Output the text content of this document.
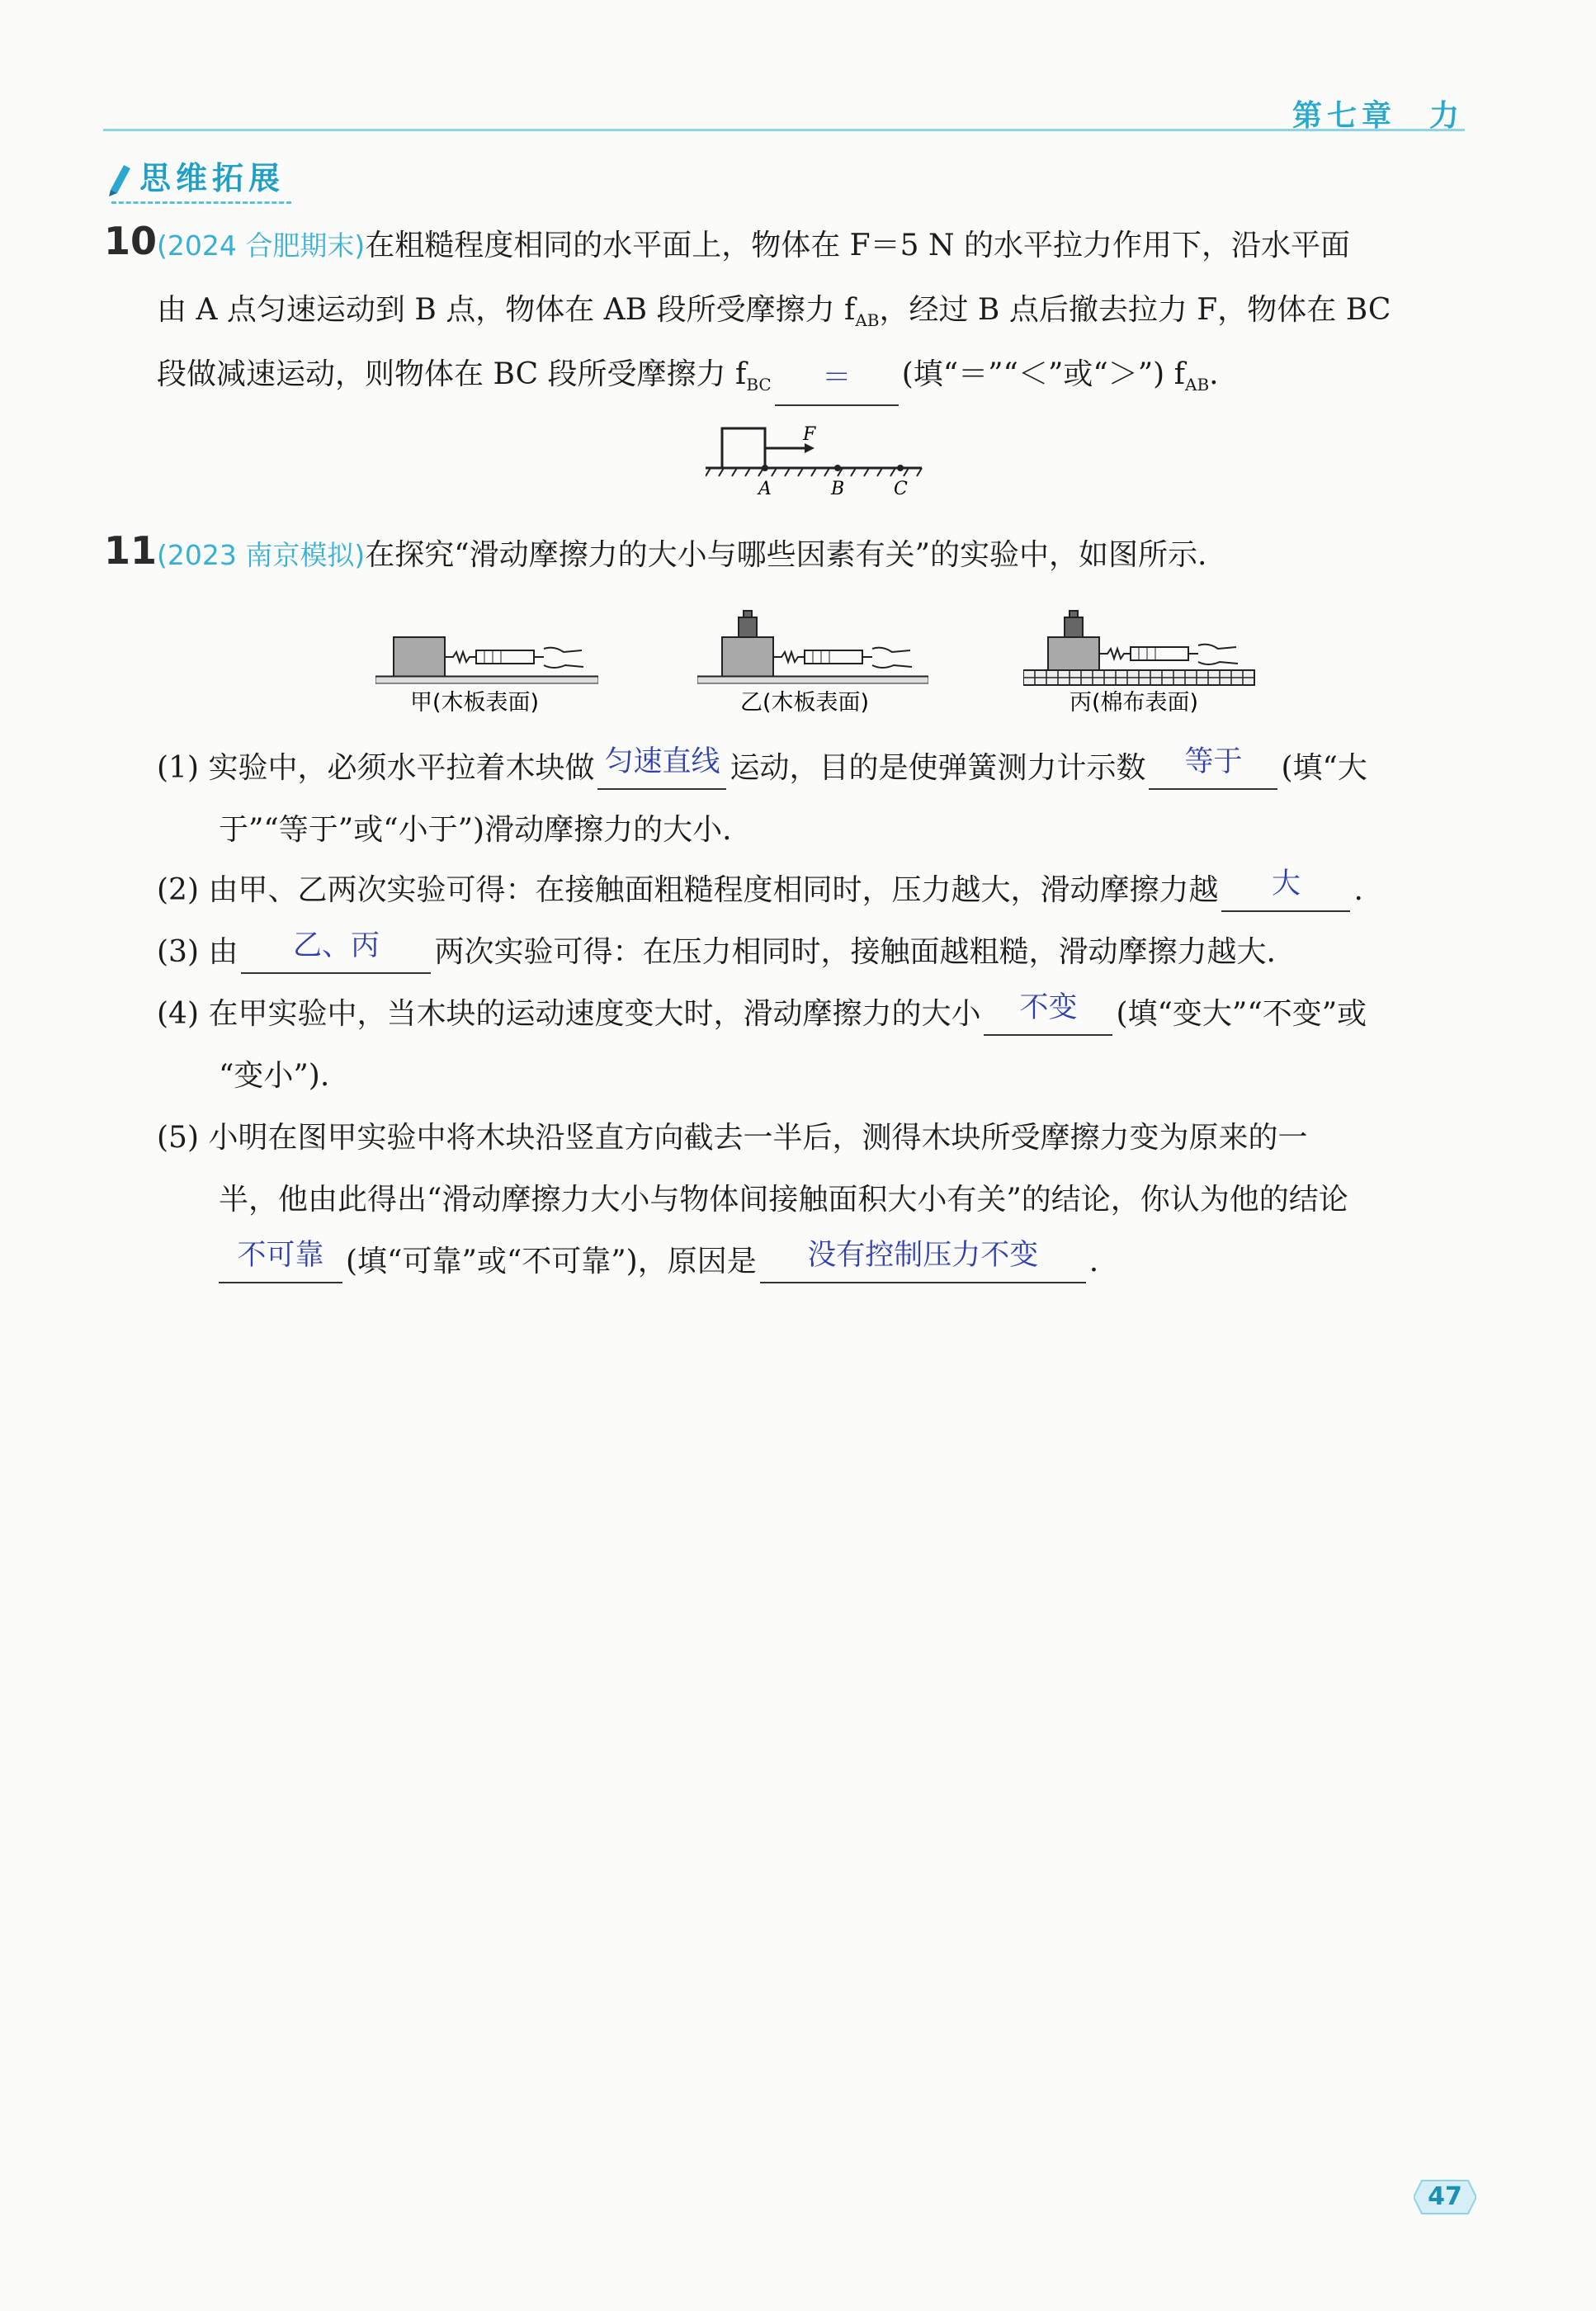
第七章 力
思维拓展
10 (2024 合肥期末)在粗糙程度相同的水平面上，物体在 F＝5 N 的水平拉力作用下，沿水平面
由 A 点匀速运动到 B 点，物体在 AB 段所受摩擦力 $f_{AB}$，经过 B 点后撤去拉力 F，物体在 BC
段做减速运动，则物体在 BC 段所受摩擦力 $f_{BC}$	＝	(填“＝”“＜”或“＞”) $f_{AB}$.
F
A	B	C
11 (2023 南京模拟)在探究“滑动摩擦力的大小与哪些因素有关”的实验中，如图所示.
甲(木板表面)	乙(木板表面)	丙(棉布表面)
(1) 实验中，必须水平拉着木块做 匀速直线 运动，目的是使弹簧测力计示数	等于	(填“大
于”“等于”或“小于”)滑动摩擦力的大小.
(2) 由甲、乙两次实验可得：在接触面粗糙程度相同时，压力越大，滑动摩擦力越	大	.
(3) 由	乙、丙	两次实验可得：在压力相同时，接触面越粗糙，滑动摩擦力越大.
(4) 在甲实验中，当木块的运动速度变大时，滑动摩擦力的大小	不变	(填“变大”“不变”或
“变小”).
(5) 小明在图甲实验中将木块沿竖直方向截去一半后，测得木块所受摩擦力变为原来的一
半，他由此得出“滑动摩擦力大小与物体间接触面积大小有关”的结论，你认为他的结论
不可靠 (填“可靠”或“不可靠”)，原因是	没有控制压力不变	.
47
